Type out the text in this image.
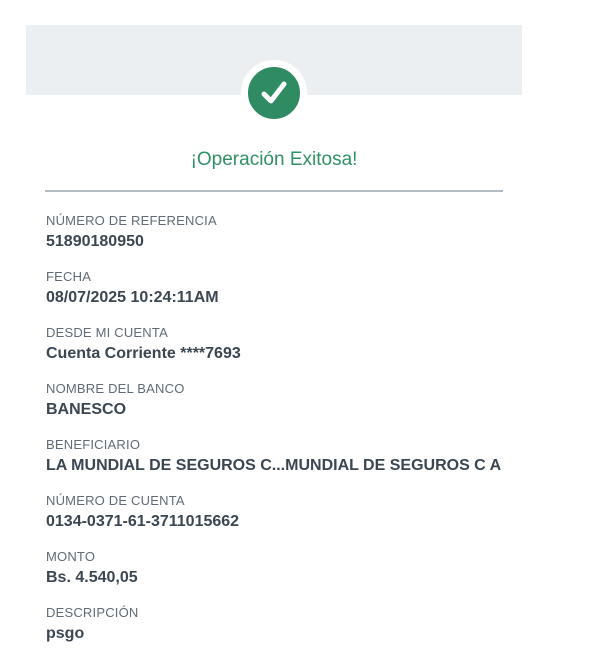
¡Operación Exitosa!
NÚMERO DE REFERENCIA
51890180950
FECHA
08/07/2025 10:24:11AM
DESDE MI CUENTA
Cuenta Corriente ****7693
NOMBRE DEL BANCO
BANESCO
BENEFICIARIO
LA MUNDIAL DE SEGUROS C...MUNDIAL DE SEGUROS C A
NÚMERO DE CUENTA
0134-0371-61-3711015662
MONTO
Bs. 4.540,05
DESCRIPCIÓN
psgo
